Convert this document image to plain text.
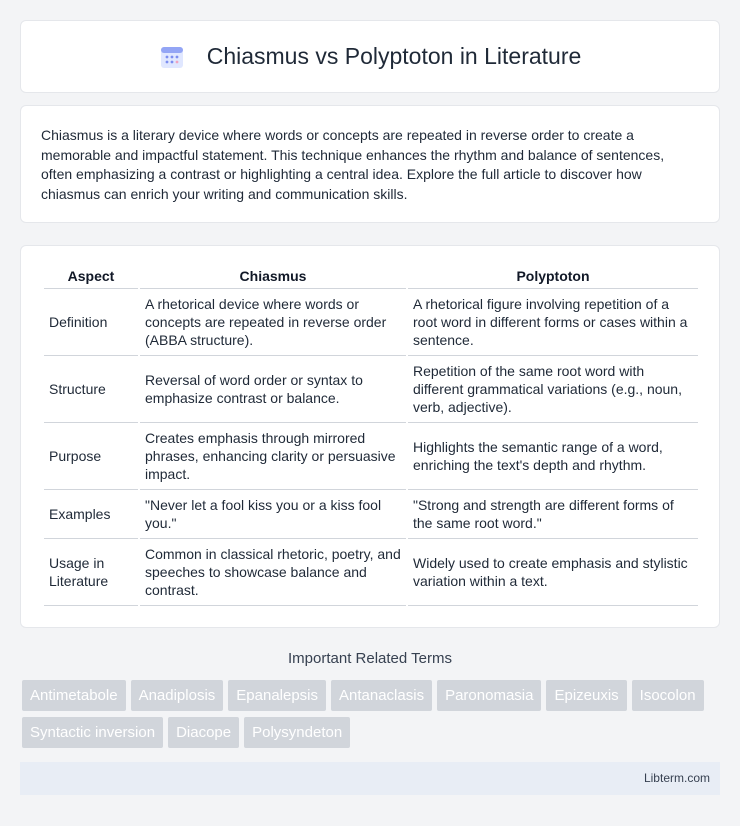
Chiasmus vs Polyptoton in Literature

Chiasmus is a literary device where words or concepts are repeated in reverse order to create a memorable and impactful statement. This technique enhances the rhythm and balance of sentences, often emphasizing a contrast or highlighting a central idea. Explore the full article to discover how chiasmus can enrich your writing and communication skills.

Aspect	Chiasmus	Polyptoton
Definition	A rhetorical device where words or concepts are repeated in reverse order (ABBA structure).	A rhetorical figure involving repetition of a root word in different forms or cases within a sentence.
Structure	Reversal of word order or syntax to emphasize contrast or balance.	Repetition of the same root word with different grammatical variations (e.g., noun, verb, adjective).
Purpose	Creates emphasis through mirrored phrases, enhancing clarity or persuasive impact.	Highlights the semantic range of a word, enriching the text's depth and rhythm.
Examples	"Never let a fool kiss you or a kiss fool you."	"Strong and strength are different forms of the same root word."
Usage in Literature	Common in classical rhetoric, poetry, and speeches to showcase balance and contrast.	Widely used to create emphasis and stylistic variation within a text.
Important Related Terms
Antimetabole	Anadiplosis	Epanalepsis	Antanaclasis	Paronomasia	Epizeuxis	Isocolon
Syntactic inversion	Diacope	Polysyndeton
Libterm.com
